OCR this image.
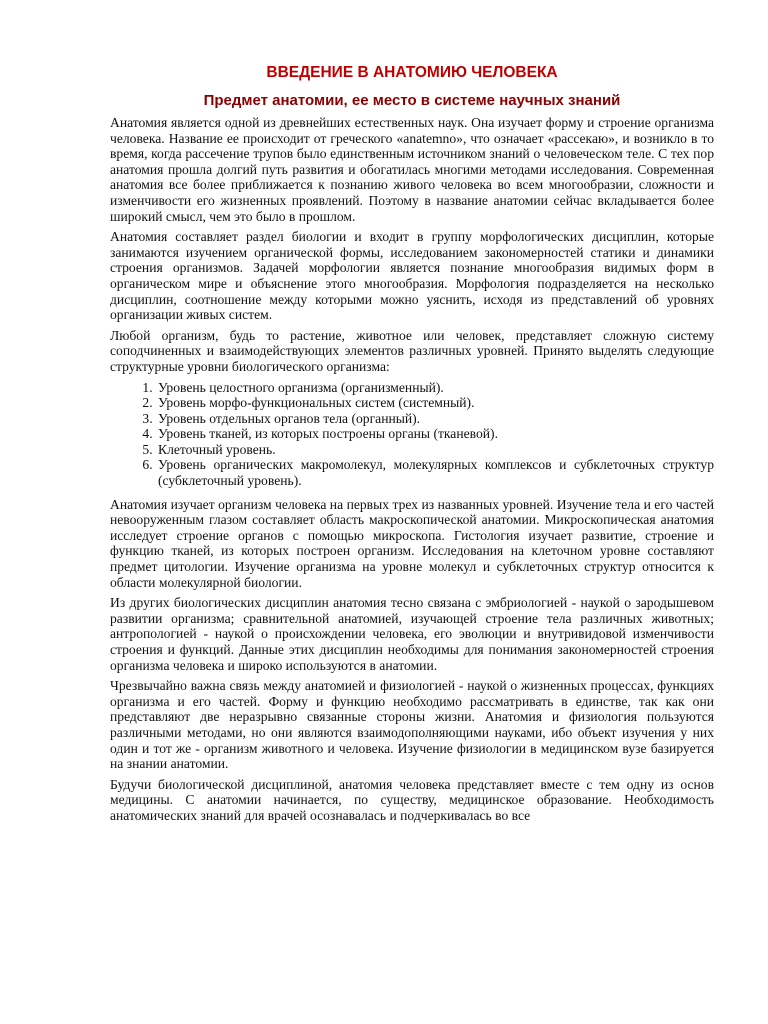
ВВЕДЕНИЕ В АНАТОМИЮ ЧЕЛОВЕКА
Предмет анатомии, ее место в системе научных знаний

Анатомия является одной из древнейших естественных наук. Она изучает форму и строение организма человека. Название ее происходит от греческого «anatemno», что означает «рассекаю», и возникло в то время, когда рассечение трупов было единственным источником знаний о человеческом теле. С тех пор анатомия прошла долгий путь развития и обогатилась многими методами исследования. Современная анатомия все более приближается к познанию живого человека во всем многообразии, сложности и изменчивости его жизненных проявлений. Поэтому в название анатомии сейчас вкладывается более широкий смысл, чем это было в прошлом.

Анатомия составляет раздел биологии и входит в группу морфологических дисциплин, которые занимаются изучением органической формы, исследованием закономерностей статики и динамики строения организмов. Задачей морфологии является познание многообразия видимых форм в органическом мире и объяснение этого многообразия. Морфология подразделяется на несколько дисциплин, соотношение между которыми можно уяснить, исходя из представлений об уровнях организации живых систем.

Любой организм, будь то растение, животное или человек, представляет сложную систему соподчиненных и взаимодействующих элементов различных уровней. Принято выделять следующие структурные уровни биологического организма:

1. Уровень целостного организма (организменный).
2. Уровень морфо-функциональных систем (системный).
3. Уровень отдельных органов тела (органный).
4. Уровень тканей, из которых построены органы (тканевой).
5. Клеточный уровень.
6. Уровень органических макромолекул, молекулярных комплексов и субклеточных структур (субклеточный уровень).

Анатомия изучает организм человека на первых трех из названных уровней. Изучение тела и его частей невооруженным глазом составляет область макроскопической анатомии. Микроскопическая анатомия исследует строение органов с помощью микроскопа. Гистология изучает развитие, строение и функцию тканей, из которых построен организм. Исследования на клеточном уровне составляют предмет цитологии. Изучение организма на уровне молекул и субклеточных структур относится к области молекулярной биологии.

Из других биологических дисциплин анатомия тесно связана с эмбриологией - наукой о зародышевом развитии организма; сравнительной анатомией, изучающей строение тела различных животных; антропологией - наукой о происхождении человека, его эволюции и внутривидовой изменчивости строения и функций. Данные этих дисциплин необходимы для понимания закономерностей строения организма человека и широко используются в анатомии.

Чрезвычайно важна связь между анатомией и физиологией - наукой о жизненных процессах, функциях организма и его частей. Форму и функцию необходимо рассматривать в единстве, так как они представляют две неразрывно связанные стороны жизни. Анатомия и физиология пользуются различными методами, но они являются взаимодополняющими науками, ибо объект изучения у них один и тот же - организм животного и человека. Изучение физиологии в медицинском вузе базируется на знании анатомии.

Будучи биологической дисциплиной, анатомия человека представляет вместе с тем одну из основ медицины. С анатомии начинается, по существу, медицинское образование. Необходимость анатомических знаний для врачей осознавалась и подчеркивалась во все
